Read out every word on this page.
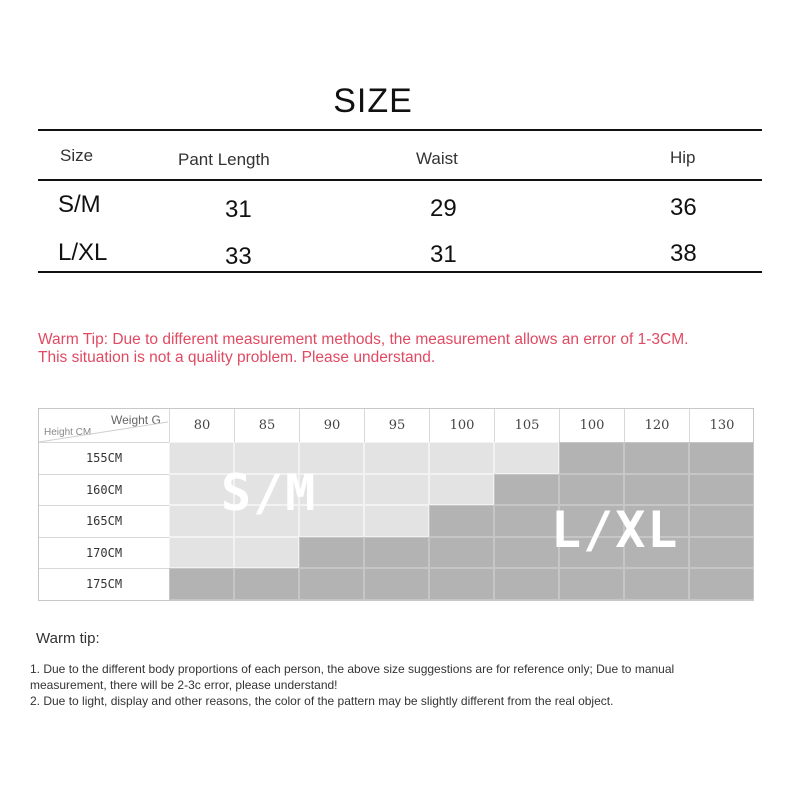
SIZE
Size	Pant Length	Waist	Hip
S/M	31	29	36
L/XL	33	31	38
Warm Tip: Due to different measurement methods, the measurement allows an error of 1-3CM.
This situation is not a quality problem. Please understand.
80	85	90	95	100	105	100	120	130
155CM
160CM
165CM
170CM
175CM
Weight G
Height CM
S/M
L/XL
Warm tip:
1. Due to the different body proportions of each person, the above size suggestions are for reference only; Due to manual
measurement, there will be 2-3c error, please understand!
2. Due to light, display and other reasons, the color of the pattern may be slightly different from the real object.
